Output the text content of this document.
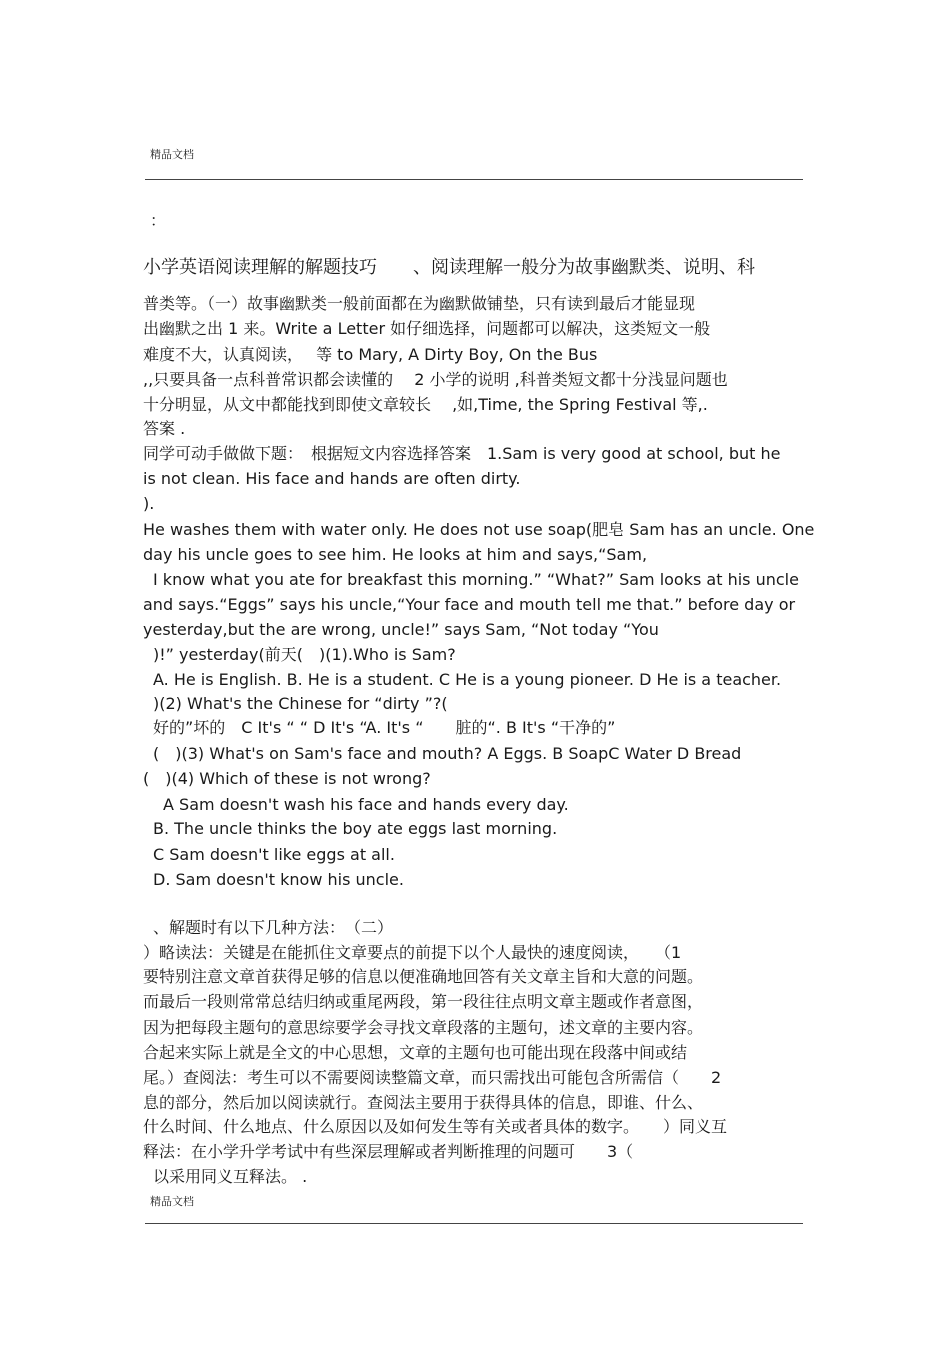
精品文档
：
小学英语阅读理解的解题技巧　　、阅读理解一般分为故事幽默类、说明、科
普类等。（一）故事幽默类一般前面都在为幽默做铺垫，只有读到最后才能显现
出幽默之出 1 来。Write a Letter 如仔细选择，问题都可以解决，这类短文一般
难度不大，认真阅读，　 等 to Mary, A Dirty Boy, On the Bus
,,只要具备一点科普常识都会读懂的　 2 小学的说明 ,科普类短文都十分浅显问题也
十分明显，从文中都能找到即使文章较长　 ,如,Time, the Spring Festival 等,.
答案 .
同学可动手做做下题：　根据短文内容选择答案　1.Sam is very good at school, but he
is not clean. His face and hands are often dirty.
).
He washes them with water only. He does not use soap(肥皂 Sam has an uncle. One
day his uncle goes to see him. He looks at him and says,“Sam,
I know what you ate for breakfast this morning.” “What?” Sam looks at his uncle
and says.“Eggs” says his uncle,“Your face and mouth tell me that.” before day or
yesterday,but the are wrong, uncle!” says Sam, “Not today “You
)!” yesterday(前天(　)(1).Who is Sam?
A. He is English. B. He is a student. C He is a young pioneer. D He is a teacher.
)(2) What's the Chinese for “dirty ”?(
好的”坏的　C It's “ “ D It's “A. It's “　　脏的“. B It's “干净的”
(　)(3) What's on Sam's face and mouth? A Eggs. B SoapC Water D Bread
(　)(4) Which of these is not wrong?
A Sam doesn't wash his face and hands every day.
B. The uncle thinks the boy ate eggs last morning.
C Sam doesn't like eggs at all.
D. Sam doesn't know his uncle.
、解题时有以下几种方法：　（二）
）略读法：关键是在能抓住文章要点的前提下以个人最快的速度阅读，　　（1
要特别注意文章首获得足够的信息以便准确地回答有关文章主旨和大意的问题。
而最后一段则常常总结归纳或重尾两段，第一段往往点明文章主题或作者意图，
因为把每段主题句的意思综要学会寻找文章段落的主题句，述文章的主要内容。
合起来实际上就是全文的中心思想，文章的主题句也可能出现在段落中间或结
尾。）查阅法：考生可以不需要阅读整篇文章，而只需找出可能包含所需信（　　2
息的部分，然后加以阅读就行。查阅法主要用于获得具体的信息，即谁、什么、
什么时间、什么地点、什么原因以及如何发生等有关或者具体的数字。　　）同义互
释法：在小学升学考试中有些深层理解或者判断推理的问题可　　3（
以采用同义互释法。 .
精品文档
